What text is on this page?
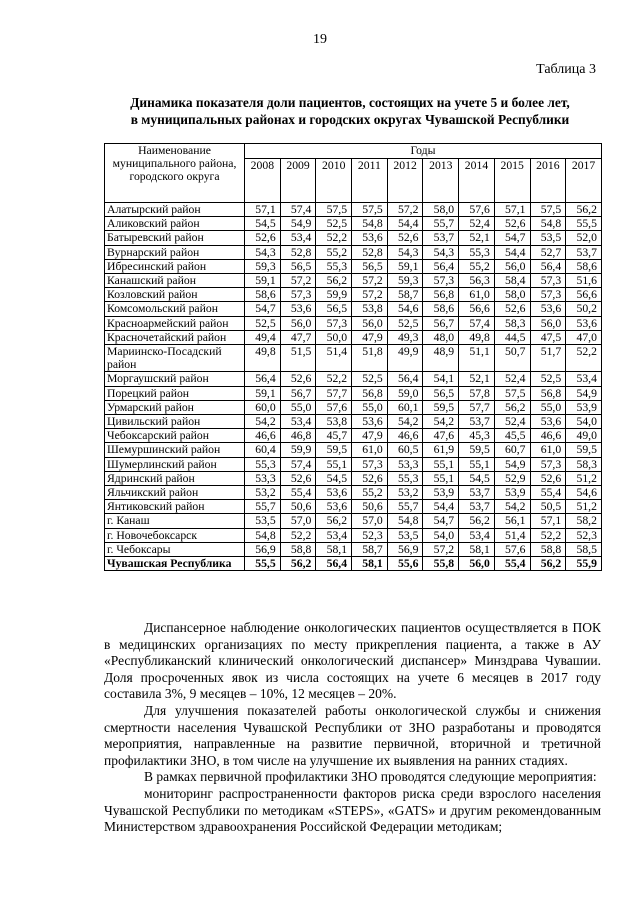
19
Таблица 3
Динамика показателя доли пациентов, состоящих на учете 5 и более лет,
в муниципальных районах и городских округах Чувашской Республики
Наименование муниципального района, городского округа	Годы									
	2008	2009	2010	2011	2012	2013	2014	2015	2016	2017
Алатырский район	57,1	57,4	57,5	57,5	57,2	58,0	57,6	57,1	57,5	56,2
Аликовский район	54,5	54,9	52,5	54,8	54,4	55,7	52,4	52,6	54,8	55,5
Батыревский район	52,6	53,4	52,2	53,6	52,6	53,7	52,1	54,7	53,5	52,0
Вурнарский район	54,3	52,8	55,2	52,8	54,3	54,3	55,3	54,4	52,7	53,7
Ибресинский район	59,3	56,5	55,3	56,5	59,1	56,4	55,2	56,0	56,4	58,6
Канашский район	59,1	57,2	56,2	57,2	59,3	57,3	56,3	58,4	57,3	51,6
Козловский район	58,6	57,3	59,9	57,2	58,7	56,8	61,0	58,0	57,3	56,6
Комсомольский район	54,7	53,6	56,5	53,8	54,6	58,6	56,6	52,6	53,6	50,2
Красноармейский район	52,5	56,0	57,3	56,0	52,5	56,7	57,4	58,3	56,0	53,6
Красночетайский район	49,4	47,7	50,0	47,9	49,3	48,0	49,8	44,5	47,5	47,0
Мариинско-Посадский район	49,8	51,5	51,4	51,8	49,9	48,9	51,1	50,7	51,7	52,2
Моргаушский район	56,4	52,6	52,2	52,5	56,4	54,1	52,1	52,4	52,5	53,4
Порецкий район	59,1	56,7	57,7	56,8	59,0	56,5	57,8	57,5	56,8	54,9
Урмарский район	60,0	55,0	57,6	55,0	60,1	59,5	57,7	56,2	55,0	53,9
Цивильский район	54,2	53,4	53,8	53,6	54,2	54,2	53,7	52,4	53,6	54,0
Чебоксарский район	46,6	46,8	45,7	47,9	46,6	47,6	45,3	45,5	46,6	49,0
Шемуршинский район	60,4	59,9	59,5	61,0	60,5	61,9	59,5	60,7	61,0	59,5
Шумерлинский район	55,3	57,4	55,1	57,3	53,3	55,1	55,1	54,9	57,3	58,3
Ядринский район	53,3	52,6	54,5	52,6	55,3	55,1	54,5	52,9	52,6	51,2
Яльчикский район	53,2	55,4	53,6	55,2	53,2	53,9	53,7	53,9	55,4	54,6
Янтиковский район	55,7	50,6	53,6	50,6	55,7	54,4	53,7	54,2	50,5	51,2
г. Канаш	53,5	57,0	56,2	57,0	54,8	54,7	56,2	56,1	57,1	58,2
г. Новочебоксарск	54,8	52,2	53,4	52,3	53,5	54,0	53,4	51,4	52,2	52,3
г. Чебоксары	56,9	58,8	58,1	58,7	56,9	57,2	58,1	57,6	58,8	58,5
Чувашская Республика	55,5	56,2	56,4	58,1	55,6	55,8	56,0	55,4	56,2	55,9

Диспансерное наблюдение онкологических пациентов осуществляется в ПОК в медицинских организациях по месту прикрепления пациента, а также в АУ «Республиканский клинический онкологический диспансер» Минздрава Чувашии. Доля просроченных явок из числа состоящих на учете 6 месяцев в 2017 году составила 3%, 9 месяцев – 10%, 12 месяцев – 20%.

Для улучшения показателей работы онкологической службы и снижения смертности населения Чувашской Республики от ЗНО разработаны и проводятся мероприятия, направленные на развитие первичной, вторичной и третичной профилактики ЗНО, в том числе на улучшение их выявления на ранних стадиях.

В рамках первичной профилактики ЗНО проводятся следующие мероприятия:

мониторинг распространенности факторов риска среди взрослого населения Чувашской Республики по методикам «STEPS», «GATS» и другим рекомендованным Министерством здравоохранения Российской Федерации методикам;
